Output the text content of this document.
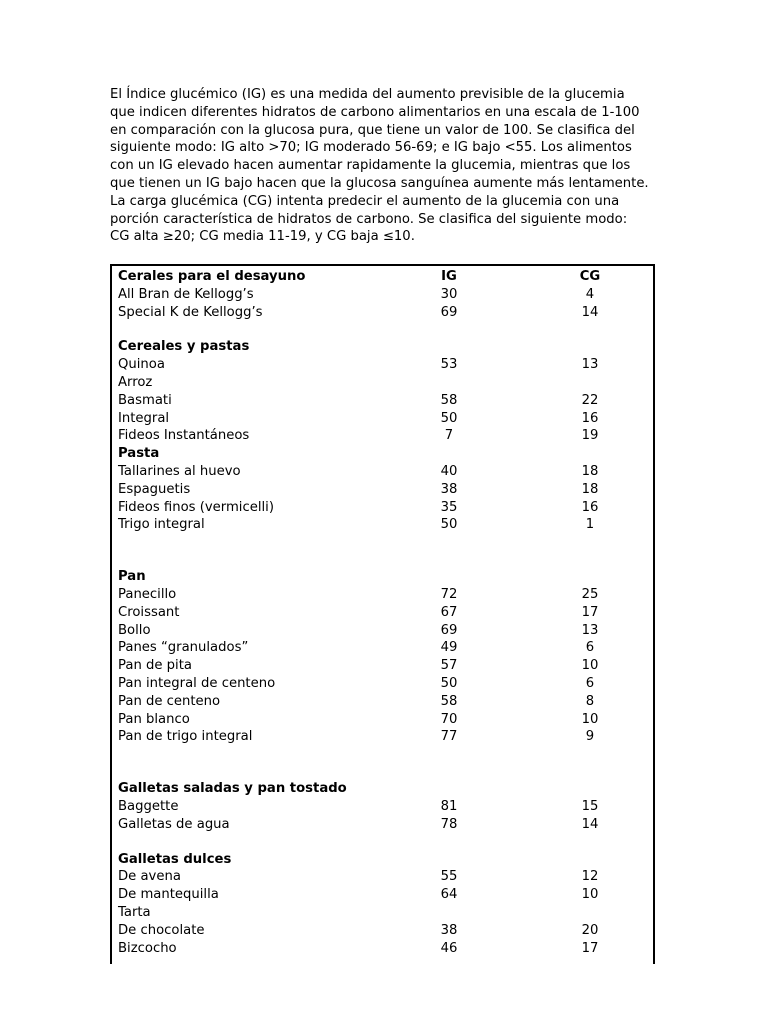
El Índice glucémico (IG) es una medida del aumento previsible de la glucemia que indicen diferentes hidratos de carbono alimentarios en una escala de 1-100 en comparación con la glucosa pura, que tiene un valor de 100. Se clasifica del siguiente modo: IG alto >70; IG moderado 56-69; e IG bajo <55. Los alimentos con un IG elevado hacen aumentar rapidamente la glucemia, mientras que los que tienen un IG bajo hacen que la glucosa sanguínea aumente más lentamente.

La carga glucémica (CG) intenta predecir el aumento de la glucemia con una porción característica de hidratos de carbono. Se clasifica del siguiente modo: CG alta ≥20; CG media 11-19, y CG baja ≤10.

Cerales para el desayuno	IG	CG
All Bran de Kellogg’s	30	4
Special K de Kellogg’s	69	14
Cereales y pastas
Quinoa	53	13
Arroz
Basmati	58	22
Integral	50	16
Fideos Instantáneos	7	19
Pasta
Tallarines al huevo	40	18
Espaguetis	38	18
Fideos finos (vermicelli)	35	16
Trigo integral	50	1
Pan
Panecillo	72	25
Croissant	67	17
Bollo	69	13
Panes “granulados”	49	6
Pan de pita	57	10
Pan integral de centeno	50	6
Pan de centeno	58	8
Pan blanco	70	10
Pan de trigo integral	77	9
Galletas saladas y pan tostado
Baggette	81	15
Galletas de agua	78	14
Galletas dulces
De avena	55	12
De mantequilla	64	10
Tarta
De chocolate	38	20
Bizcocho	46	17
